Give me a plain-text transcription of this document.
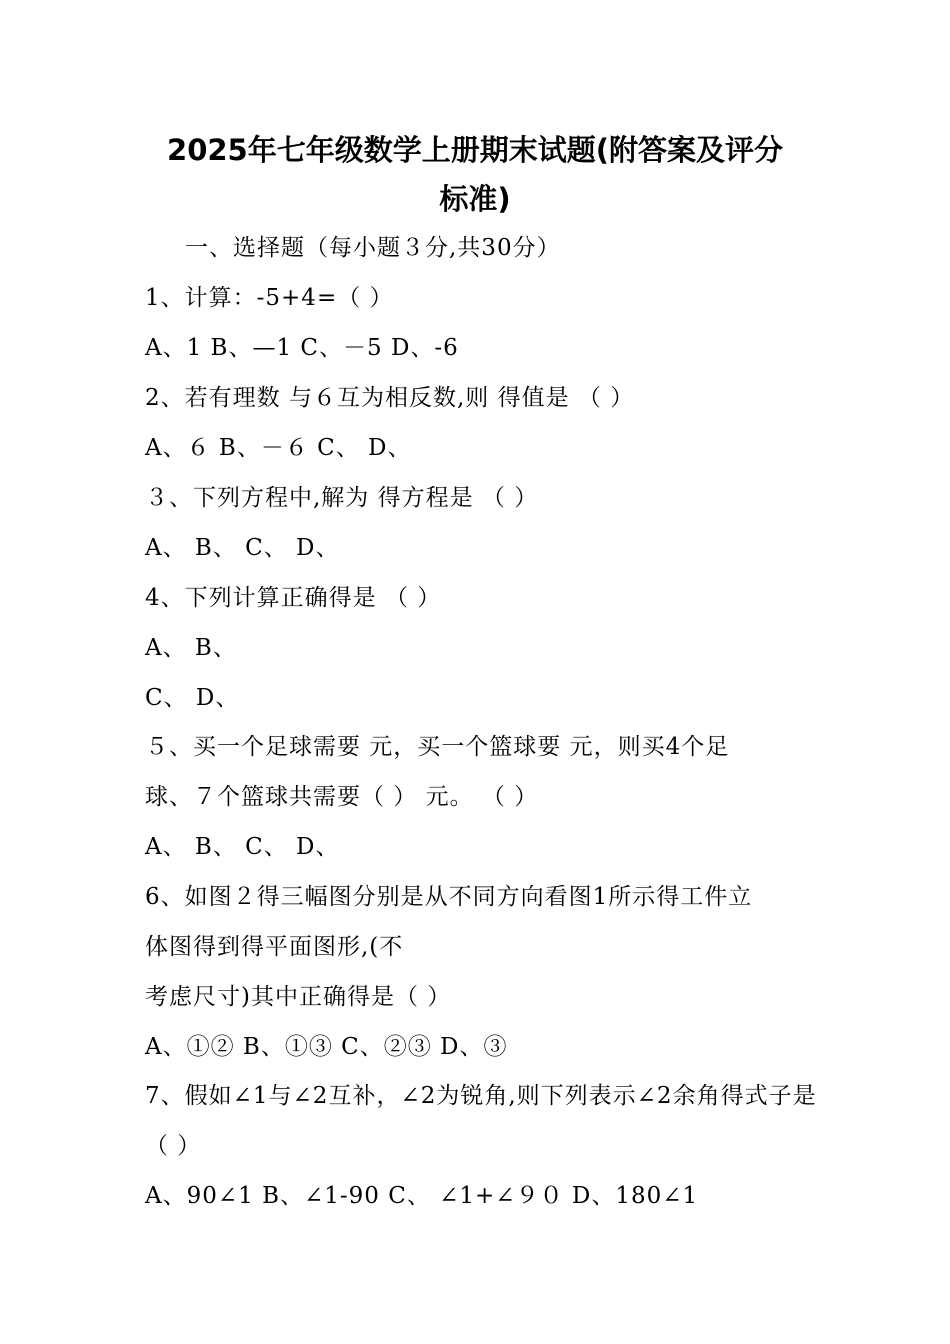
2025年七年级数学上册期末试题(附答案及评分
标准)
一、选择题（每小题３分,共30分）
1、计算：-5+4=（ ）
A、1 B、—1 C、－5 D、-6
2、若有理数 与６互为相反数,则 得值是 （ ）
A、６ B、－６ C、 D、
３、下列方程中,解为 得方程是 （ ）
A、 B、 C、 D、
4、下列计算正确得是 （ ）
A、 B、
C、 D、
５、买一个足球需要 元，买一个篮球要 元，则买4个足
球、７个篮球共需要（ ） 元。 （ ）
A、 B、 C、 D、
6、如图２得三幅图分别是从不同方向看图1所示得工件立
体图得到得平面图形,(不
考虑尺寸)其中正确得是（ ）
A、①② B、①③ C、②③ D、③
7、假如∠1与∠2互补，∠2为锐角,则下列表示∠2余角得式子是
（ ）
A、90∠1 B、∠1-90 C、 ∠1+∠９０ D、180∠1
